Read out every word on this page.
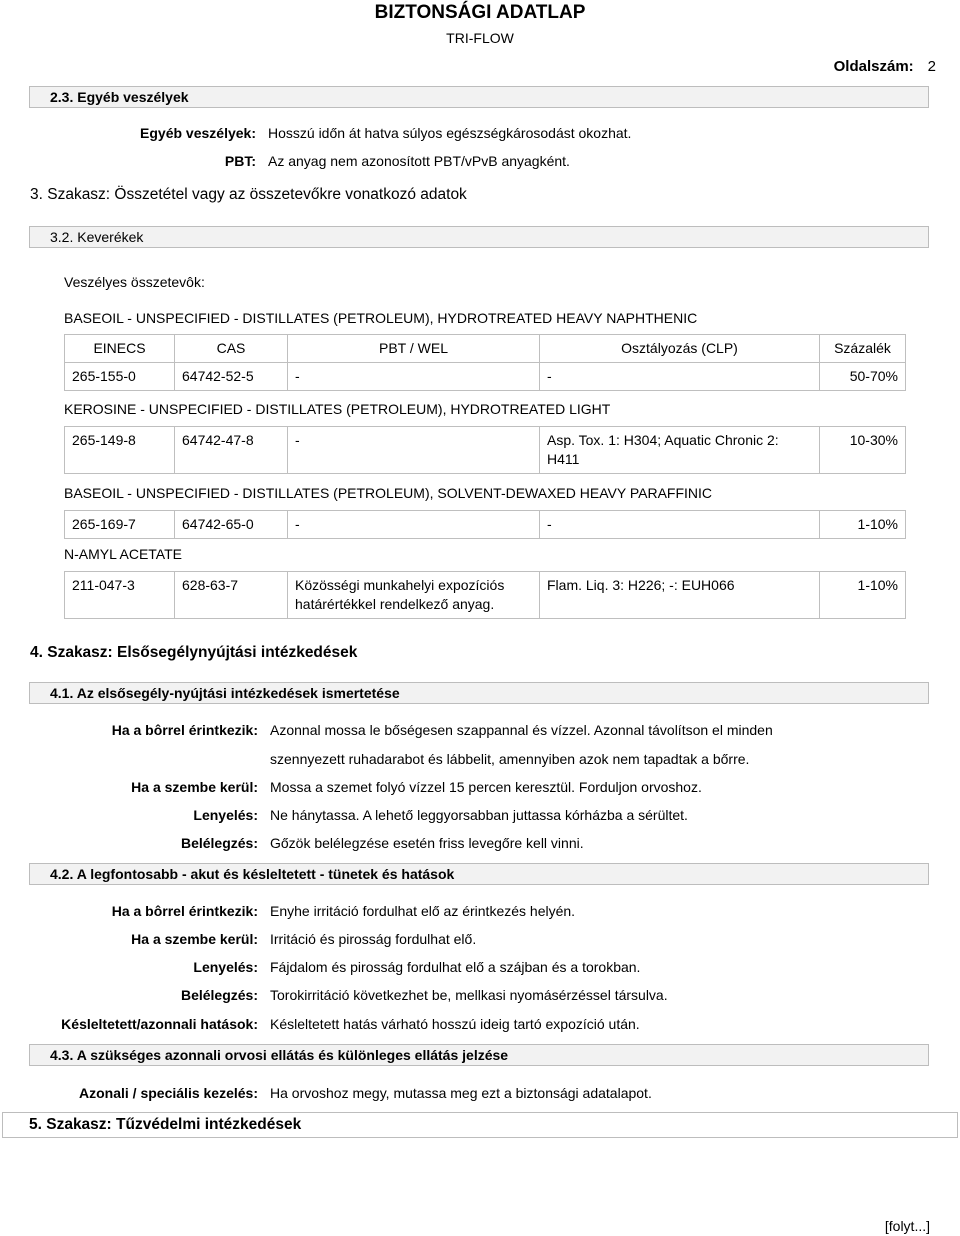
BIZTONSÁGI ADATLAP
TRI-FLOW
Oldalszám: 2
2.3. Egyéb veszélyek
Egyéb veszélyek: Hosszú időn át hatva súlyos egészségkárosodást okozhat.
PBT: Az anyag nem azonosított PBT/vPvB anyagként.
3. Szakasz: Összetétel vagy az összetevőkre vonatkozó adatok
3.2. Keverékek
Veszélyes összetevôk:
BASEOIL - UNSPECIFIED - DISTILLATES (PETROLEUM), HYDROTREATED HEAVY NAPHTHENIC
EINECS	CAS	PBT / WEL	Osztályozás (CLP)	Százalék
265-155-0	64742-52-5	-	-	50-70%
KEROSINE - UNSPECIFIED - DISTILLATES (PETROLEUM), HYDROTREATED LIGHT
265-149-8	64742-47-8	-	Asp. Tox. 1: H304; Aquatic Chronic 2: H411	10-30%
BASEOIL - UNSPECIFIED - DISTILLATES (PETROLEUM), SOLVENT-DEWAXED HEAVY PARAFFINIC
265-169-7	64742-65-0	-	-	1-10%
N-AMYL ACETATE
211-047-3	628-63-7	Közösségi munkahelyi expozíciós határértékkel rendelkező anyag.	Flam. Liq. 3: H226; -: EUH066	1-10%
4. Szakasz: Elsősegélynyújtási intézkedések
4.1. Az elsősegély-nyújtási intézkedések ismertetése
Ha a bôrrel érintkezik: Azonnal mossa le bőségesen szappannal és vízzel. Azonnal távolítson el minden
szennyezett ruhadarabot és lábbelit, amennyiben azok nem tapadtak a bőrre.
Ha a szembe kerül: Mossa a szemet folyó vízzel 15 percen keresztül. Forduljon orvoshoz.
Lenyelés: Ne hánytassa. A lehető leggyorsabban juttassa kórházba a sérültet.
Belélegzés: Gőzök belélegzése esetén friss levegőre kell vinni.
4.2. A legfontosabb - akut és késleltetett - tünetek és hatások
Ha a bôrrel érintkezik: Enyhe irritáció fordulhat elő az érintkezés helyén.
Ha a szembe kerül: Irritáció és pirosság fordulhat elő.
Lenyelés: Fájdalom és pirosság fordulhat elő a szájban és a torokban.
Belélegzés: Torokirritáció következhet be, mellkasi nyomásérzéssel társulva.
Késleltetett/azonnali hatások: Késleltetett hatás várható hosszú ideig tartó expozíció után.
4.3. A szükséges azonnali orvosi ellátás és különleges ellátás jelzése
Azonali / speciális kezelés: Ha orvoshoz megy, mutassa meg ezt a biztonsági adatalapot.
5. Szakasz: Tűzvédelmi intézkedések
[folyt...]
